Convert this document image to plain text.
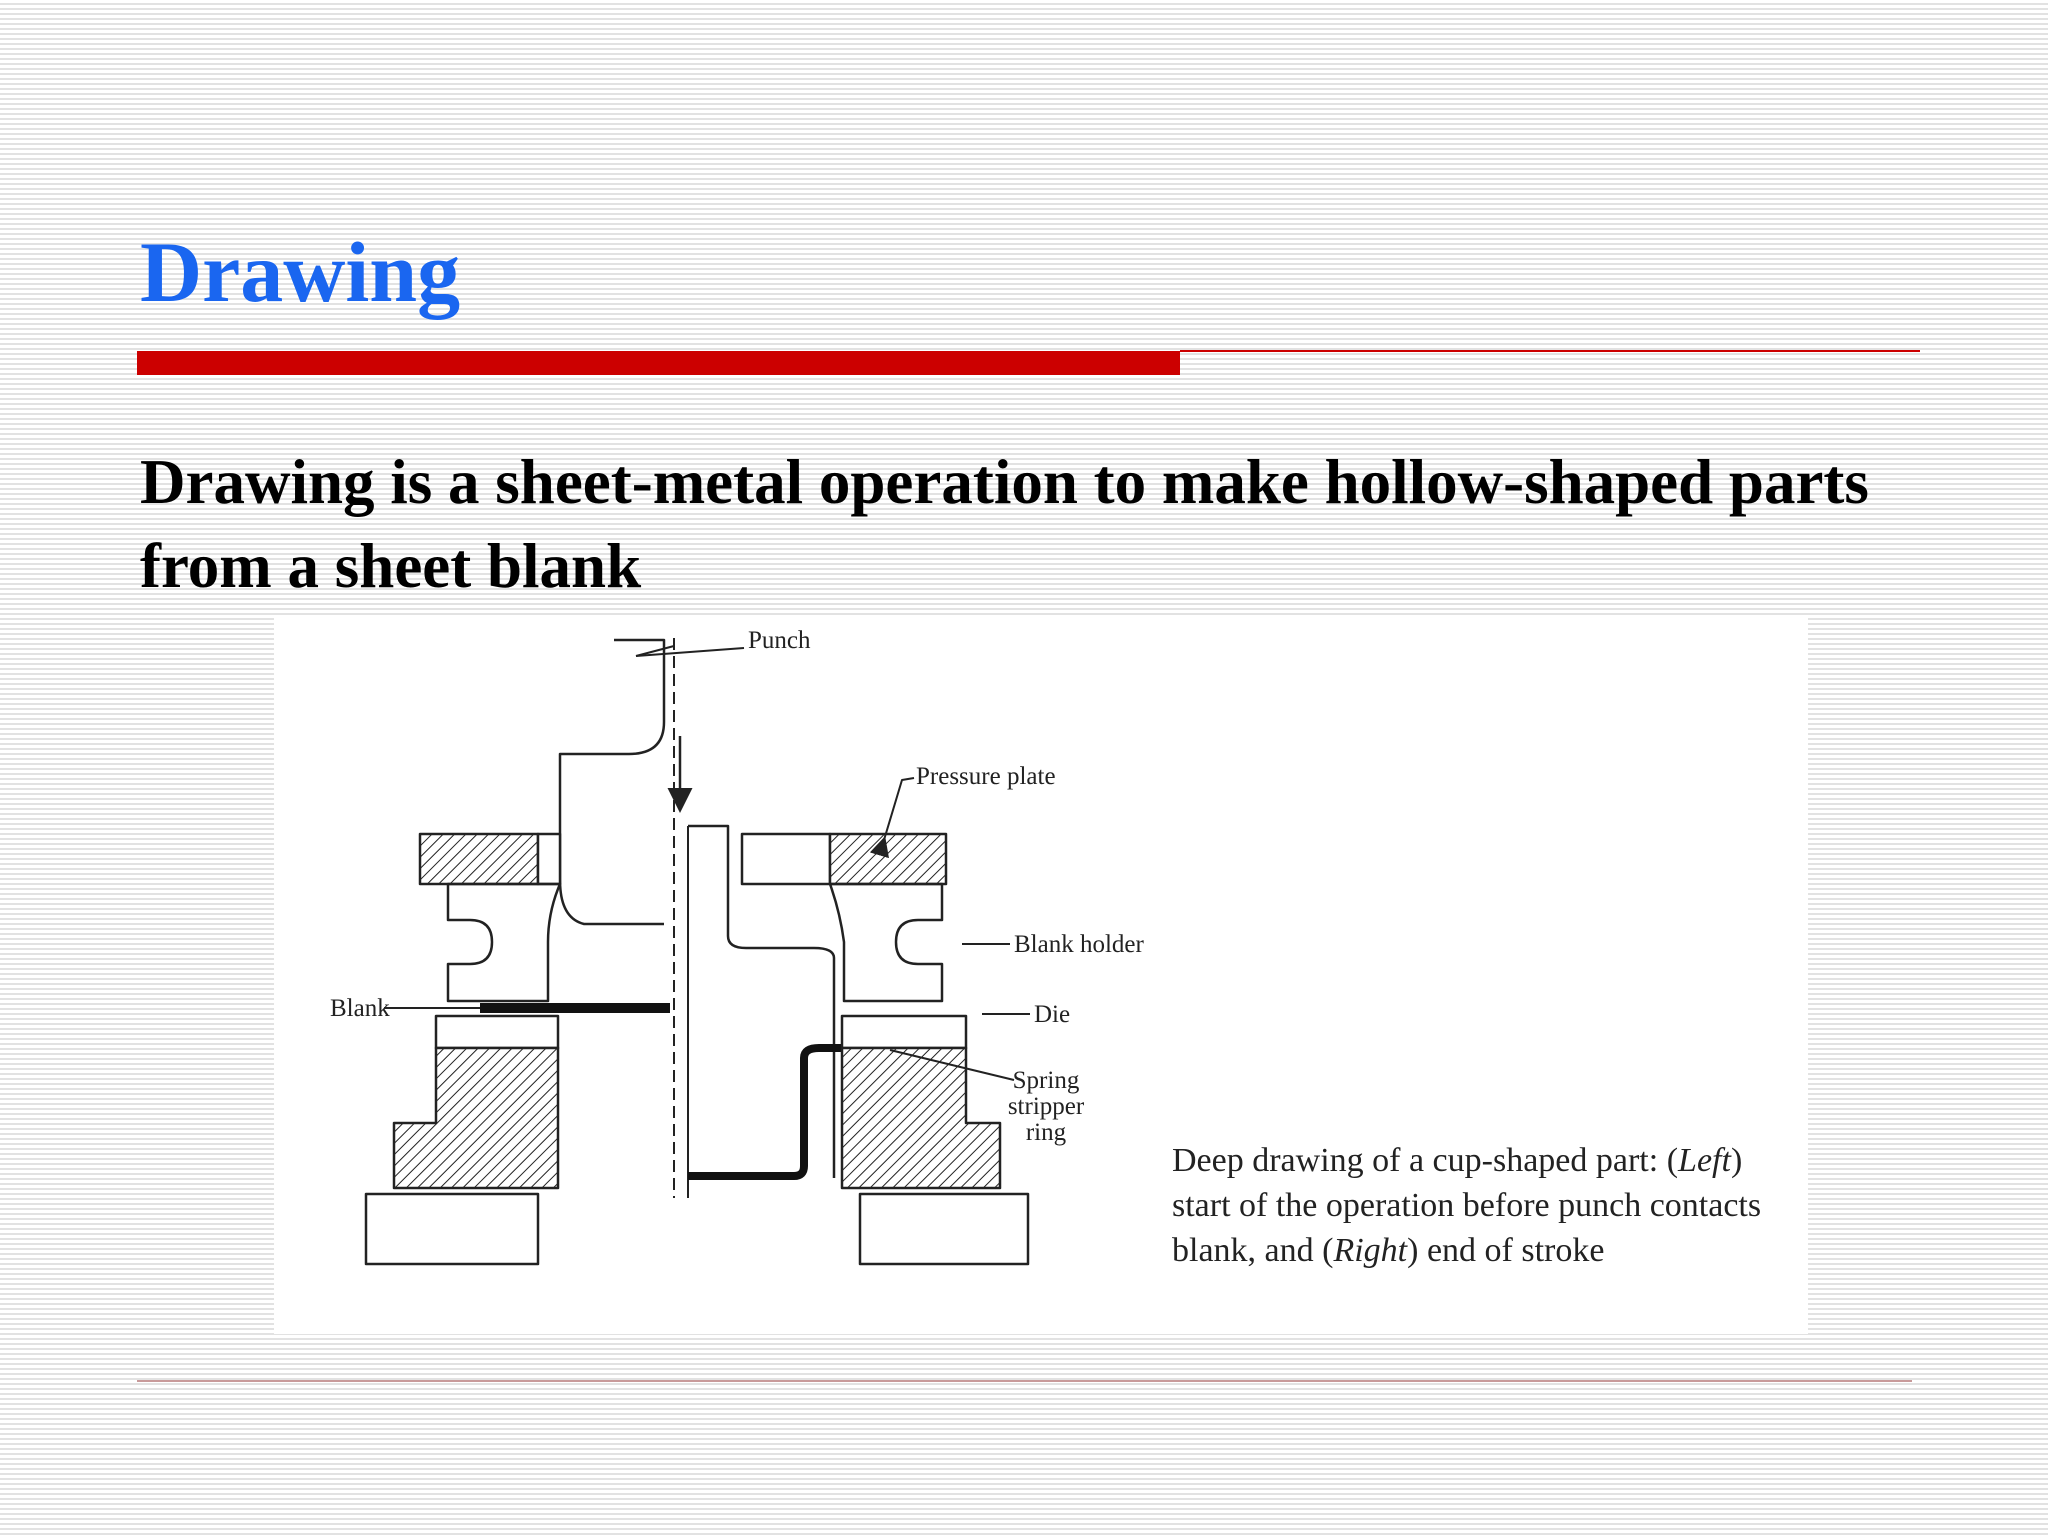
Drawing

Drawing is a sheet-metal operation to make hollow-shaped parts from a sheet blank

Punch
Pressure plate
Blank holder
Blank	Die
Spring
stripper
ring

Deep drawing of a cup-shaped part: (Left) start of the operation before punch contacts blank, and (Right) end of stroke
